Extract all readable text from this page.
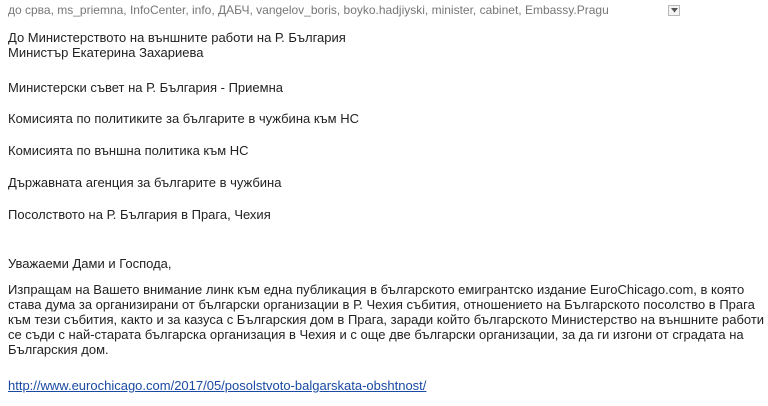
до срва, ms_priemna, InfoCenter, info, ДАБЧ, vangelov_boris, boyko.hadjiyski, minister, cabinet, Embassy.Pragu
До Министерството на външните работи на Р. България
Министър Екатерина Захариева
Министерски съвет на Р. България - Приемна
Комисията по политиките за българите в чужбина към НС
Комисията по външна политика към НС
Държавната агенция за българите в чужбина
Посолството на Р. България в Прага, Чехия
Уважаеми Дами и Господа,
Изпращам на Вашето внимание линк към една публикация в българското емигрантско издание EuroChicago.com, в която
става дума за организирани от български организации в Р. Чехия събития, отношението на Българското посолство в Прага
към тези събития, както и за казуса с Българския дом в Прага, заради който българското Министерство на външните работи
се съди с най-старата българска организация в Чехия и с още две български организации, за да ги изгони от сградата на
Българския дом.
http://www.eurochicago.com/2017/05/posolstvoto-balgarskata-obshtnost/
